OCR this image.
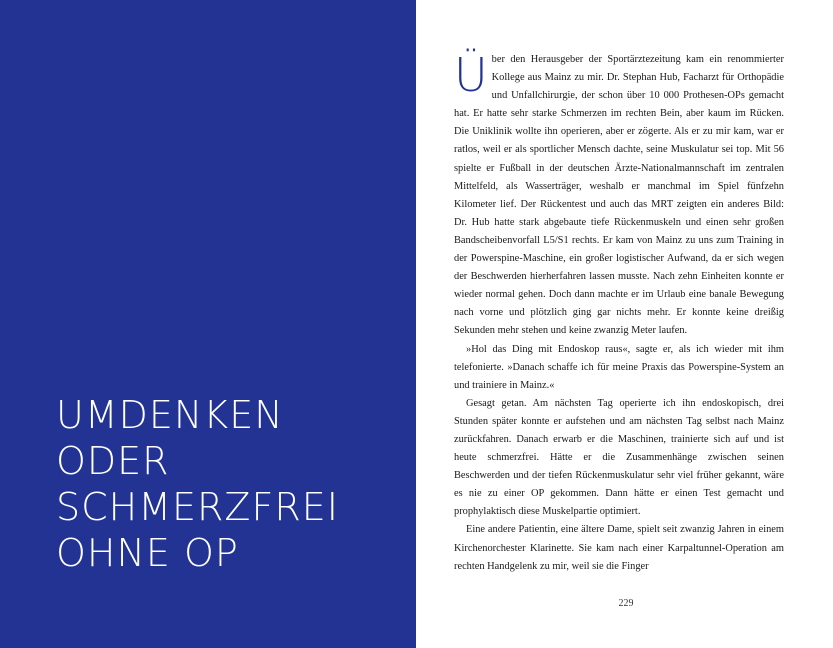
UMDENKEN
ODER
SCHMERZFREI
OHNE OP

Über den Herausgeber der Sportärztezeitung kam ein renommierter Kollege aus Mainz zu mir. Dr. Stephan Hub, Facharzt für Orthopädie und Unfallchirurgie, der schon über 10 000 Prothesen-OPs gemacht hat. Er hatte sehr starke Schmerzen im rechten Bein, aber kaum im Rücken. Die Uniklinik wollte ihn operieren, aber er zögerte. Als er zu mir kam, war er ratlos, weil er als sportlicher Mensch dachte, seine Muskulatur sei top. Mit 56 spielte er Fußball in der deutschen Ärzte-Nationalmannschaft im zentralen Mittelfeld, als Wasserträger, weshalb er manchmal im Spiel fünfzehn Kilometer lief. Der Rückentest und auch das MRT zeigten ein anderes Bild: Dr. Hub hatte stark abgebaute tiefe Rückenmuskeln und einen sehr großen Bandscheibenvorfall L5/S1 rechts. Er kam von Mainz zu uns zum Training in der Powerspine-Maschine, ein großer logistischer Aufwand, da er sich wegen der Beschwerden hierherfahren lassen musste. Nach zehn Einheiten konnte er wieder normal gehen. Doch dann machte er im Urlaub eine banale Bewegung nach vorne und plötzlich ging gar nichts mehr. Er konnte keine dreißig Sekunden mehr stehen und keine zwanzig Meter laufen.

»Hol das Ding mit Endoskop raus«, sagte er, als ich wieder mit ihm telefonierte. »Danach schaffe ich für meine Praxis das Powerspine-System an und trainiere in Mainz.«

Gesagt getan. Am nächsten Tag operierte ich ihn endoskopisch, drei Stunden später konnte er aufstehen und am nächsten Tag selbst nach Mainz zurückfahren. Danach erwarb er die Maschinen, trainierte sich auf und ist heute schmerzfrei. Hätte er die Zusammenhänge zwischen seinen Beschwerden und der tiefen Rückenmuskulatur sehr viel früher gekannt, wäre es nie zu einer OP gekommen. Dann hätte er einen Test gemacht und prophylaktisch diese Muskelpartie optimiert.

Eine andere Patientin, eine ältere Dame, spielt seit zwanzig Jahren in einem Kirchenorchester Klarinette. Sie kam nach einer Karpaltunnel-Operation am rechten Handgelenk zu mir, weil sie die Finger

229
